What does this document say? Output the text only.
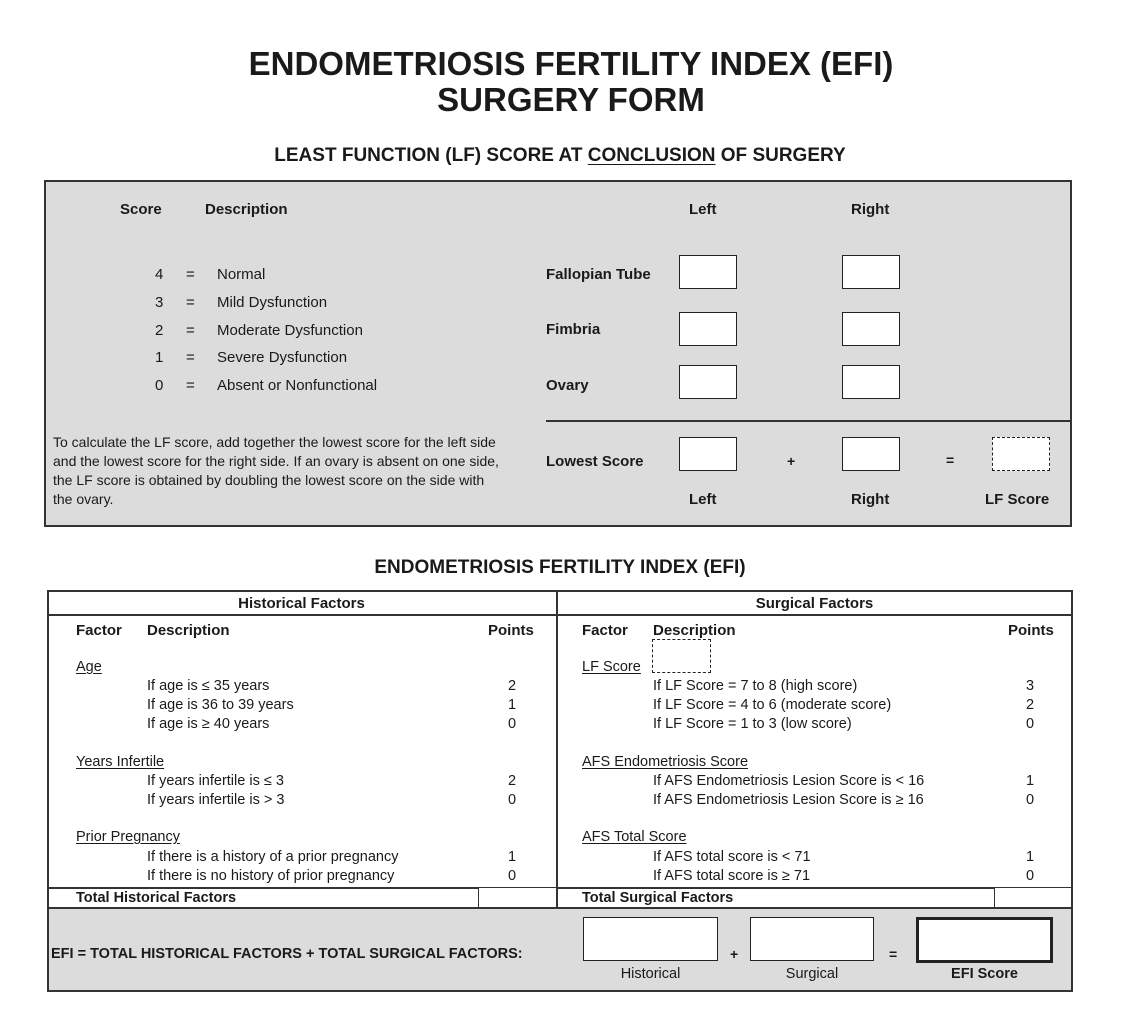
ENDOMETRIOSIS FERTILITY INDEX (EFI)
SURGERY FORM
LEAST FUNCTION (LF) SCORE AT CONCLUSION OF SURGERY
Score	Description	Left	Right
4 = Normal
3 = Mild Dysfunction
2 = Moderate Dysfunction
1 = Severe Dysfunction
0 = Absent or Nonfunctional
Fallopian Tube
Fimbria
Ovary
To calculate the LF score, add together the lowest score for the left side and the lowest score for the right side. If an ovary is absent on one side, the LF score is obtained by doubling the lowest score on the side with the ovary.
Lowest Score	+	=
Left	Right	LF Score
ENDOMETRIOSIS FERTILITY INDEX (EFI)
Historical Factors
Factor Description	Points
Age
If age is ≤ 35 years	2
If age is 36 to 39 years	1
If age is ≥ 40 years	0
Years Infertile
If years infertile is ≤ 3	2
If years infertile is > 3	0
Prior Pregnancy
If there is a history of a prior pregnancy	1
If there is no history of prior pregnancy	0
Total Historical Factors
Surgical Factors
Factor Description	Points
LF Score
If LF Score = 7 to 8 (high score)	3
If LF Score = 4 to 6 (moderate score)	2
If LF Score = 1 to 3 (low score)	0
AFS Endometriosis Score
If AFS Endometriosis Lesion Score is < 16	1
If AFS Endometriosis Lesion Score is ≥ 16	0
AFS Total Score
If AFS total score is < 71	1
If AFS total score is ≥ 71	0
Total Surgical Factors
EFI = TOTAL HISTORICAL FACTORS + TOTAL SURGICAL FACTORS:	+	=
Historical	Surgical	EFI Score
